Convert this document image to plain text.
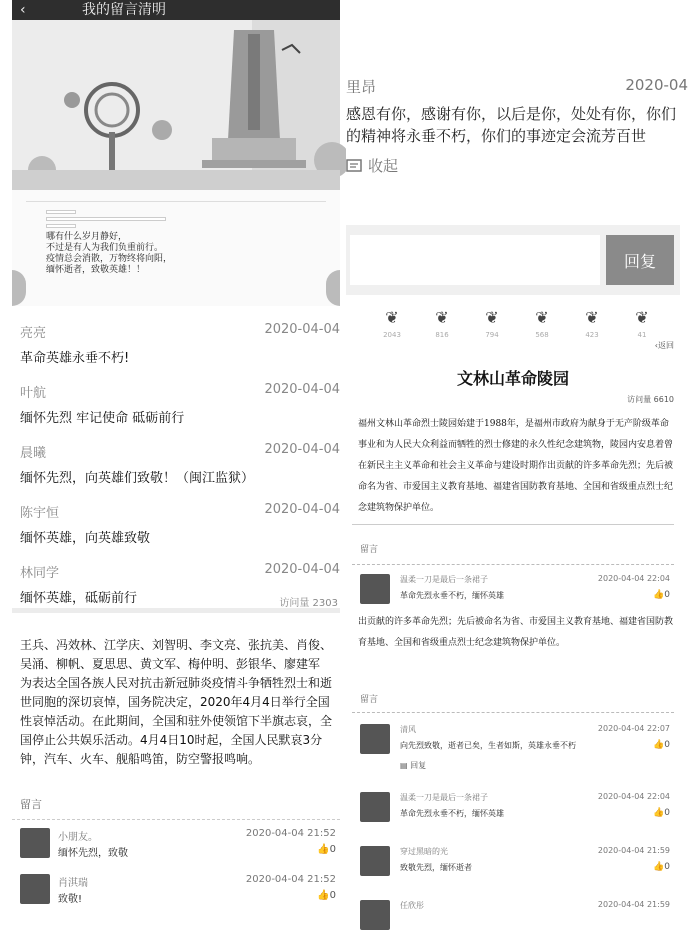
‹	我的留言清明
哪有什么岁月静好，
不过是有人为我们负重前行。
疫情总会消散，万物终将向阳，
缅怀逝者，致敬英雄！！
里昂	2020-04
感恩有你，感谢有你，以后是你，处处有你，你们的精神将永垂不朽，你们的事迹定会流芳百世
收起
回复
亮亮	2020-04-04
革命英雄永垂不朽!
叶航	2020-04-04
缅怀先烈 牢记使命 砥砺前行
晨曦	2020-04-04
缅怀先烈，向英雄们致敬！（闽江监狱）
陈宇恒	2020-04-04
缅怀英雄，向英雄致敬
林同学	2020-04-04
缅怀英雄，砥砺前行	访问量 2303
王兵、冯效林、江学庆、刘智明、李文亮、张抗美、肖俊、吴涌、柳帆、夏思思、黄文军、梅仲明、彭银华、廖建军 为表达全国各族人民对抗击新冠肺炎疫情斗争牺牲烈士和逝世同胞的深切哀悼，国务院决定，2020年4月4日举行全国性哀悼活动。在此期间，全国和驻外使领馆下半旗志哀，全国停止公共娱乐活动。4月4日10时起，全国人民默哀3分钟，汽车、火车、舰船鸣笛，防空警报鸣响。
留言
小朋友。	2020-04-04 21:52
缅怀先烈，致敬	👍0
肖淇瑞	2020-04-04 21:52
致敬!	👍0
❦
2043
❦
816
❦
794
❦
568
❦
423
❦
41
‹返回
文林山革命陵园
访问量 6610
福州文林山革命烈士陵园始建于1988年，是福州市政府为献身于无产阶级革命事业和为人民大众利益而牺牲的烈士修建的永久性纪念建筑物，陵园内安息着曾在新民主主义革命和社会主义革命与建设时期作出贡献的许多革命先烈；先后被命名为省、市爱国主义教育基地、福建省国防教育基地、全国和省级重点烈士纪念建筑物保护单位。
留言
温柔一刀是最后一条裙子	2020-04-04 22:04
革命先烈永垂不朽，缅怀英雄	👍0
出贡献的许多革命先烈；先后被命名为省、市爱国主义教育基地、福建省国防教育基地、全国和省级重点烈士纪念建筑物保护单位。
留言
清风	2020-04-04 22:07
向先烈致敬，逝者已矣，生者如斯，英雄永垂不朽	👍0
▤ 回复
温柔一刀是最后一条裙子	2020-04-04 22:04
革命先烈永垂不朽，缅怀英雄	👍0
穿过黑暗的光	2020-04-04 21:59
致敬先烈，缅怀逝者	👍0
任欣彤	2020-04-04 21:59
